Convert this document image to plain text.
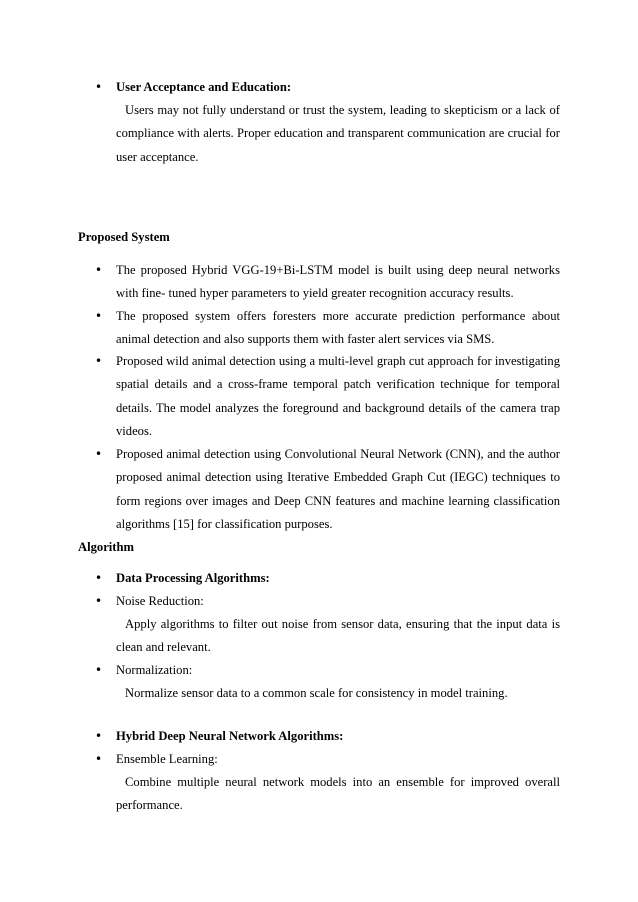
• User Acceptance and Education:
Users may not fully understand or trust the system, leading to skepticism or a lack of compliance with alerts. Proper education and transparent communication are crucial for user acceptance.
Proposed System
• The proposed Hybrid VGG-19+Bi-LSTM model is built using deep neural networks with fine- tuned hyper parameters to yield greater recognition accuracy results.
• The proposed system offers foresters more accurate prediction performance about animal detection and also supports them with faster alert services via SMS.
• Proposed wild animal detection using a multi-level graph cut approach for investigating spatial details and a cross-frame temporal patch verification technique for temporal details. The model analyzes the foreground and background details of the camera trap videos.
• Proposed animal detection using Convolutional Neural Network (CNN), and the author proposed animal detection using Iterative Embedded Graph Cut (IEGC) techniques to form regions over images and Deep CNN features and machine learning classification algorithms [15] for classification purposes.
Algorithm
• Data Processing Algorithms:
• Noise Reduction:
Apply algorithms to filter out noise from sensor data, ensuring that the input data is clean and relevant.
• Normalization:
Normalize sensor data to a common scale for consistency in model training.
• Hybrid Deep Neural Network Algorithms:
• Ensemble Learning:
Combine multiple neural network models into an ensemble for improved overall performance.
